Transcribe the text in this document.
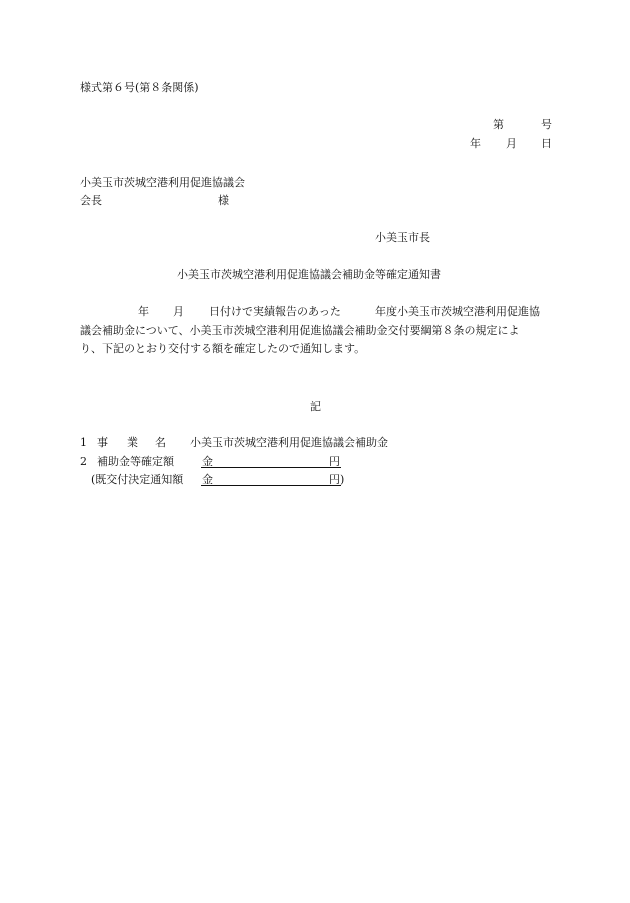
様式第６号(第８条関係)
第	号
年 月 日
小美玉市茨城空港利用促進協議会
会長	様
小美玉市長
小美玉市茨城空港利用促進協議会補助金等確定通知書
年 月 日付けで実績報告のあった	年度小美玉市茨城空港利用促進協
議会補助金について、小美玉市茨城空港利用促進協議会補助金交付要綱第８条の規定によ
り、下記のとおり交付する額を確定したので通知します。
記
1 事 業 名 小美玉市茨城空港利用促進協議会補助金
2 補助金等確定額	金	円
(既交付決定通知額 金	円)
